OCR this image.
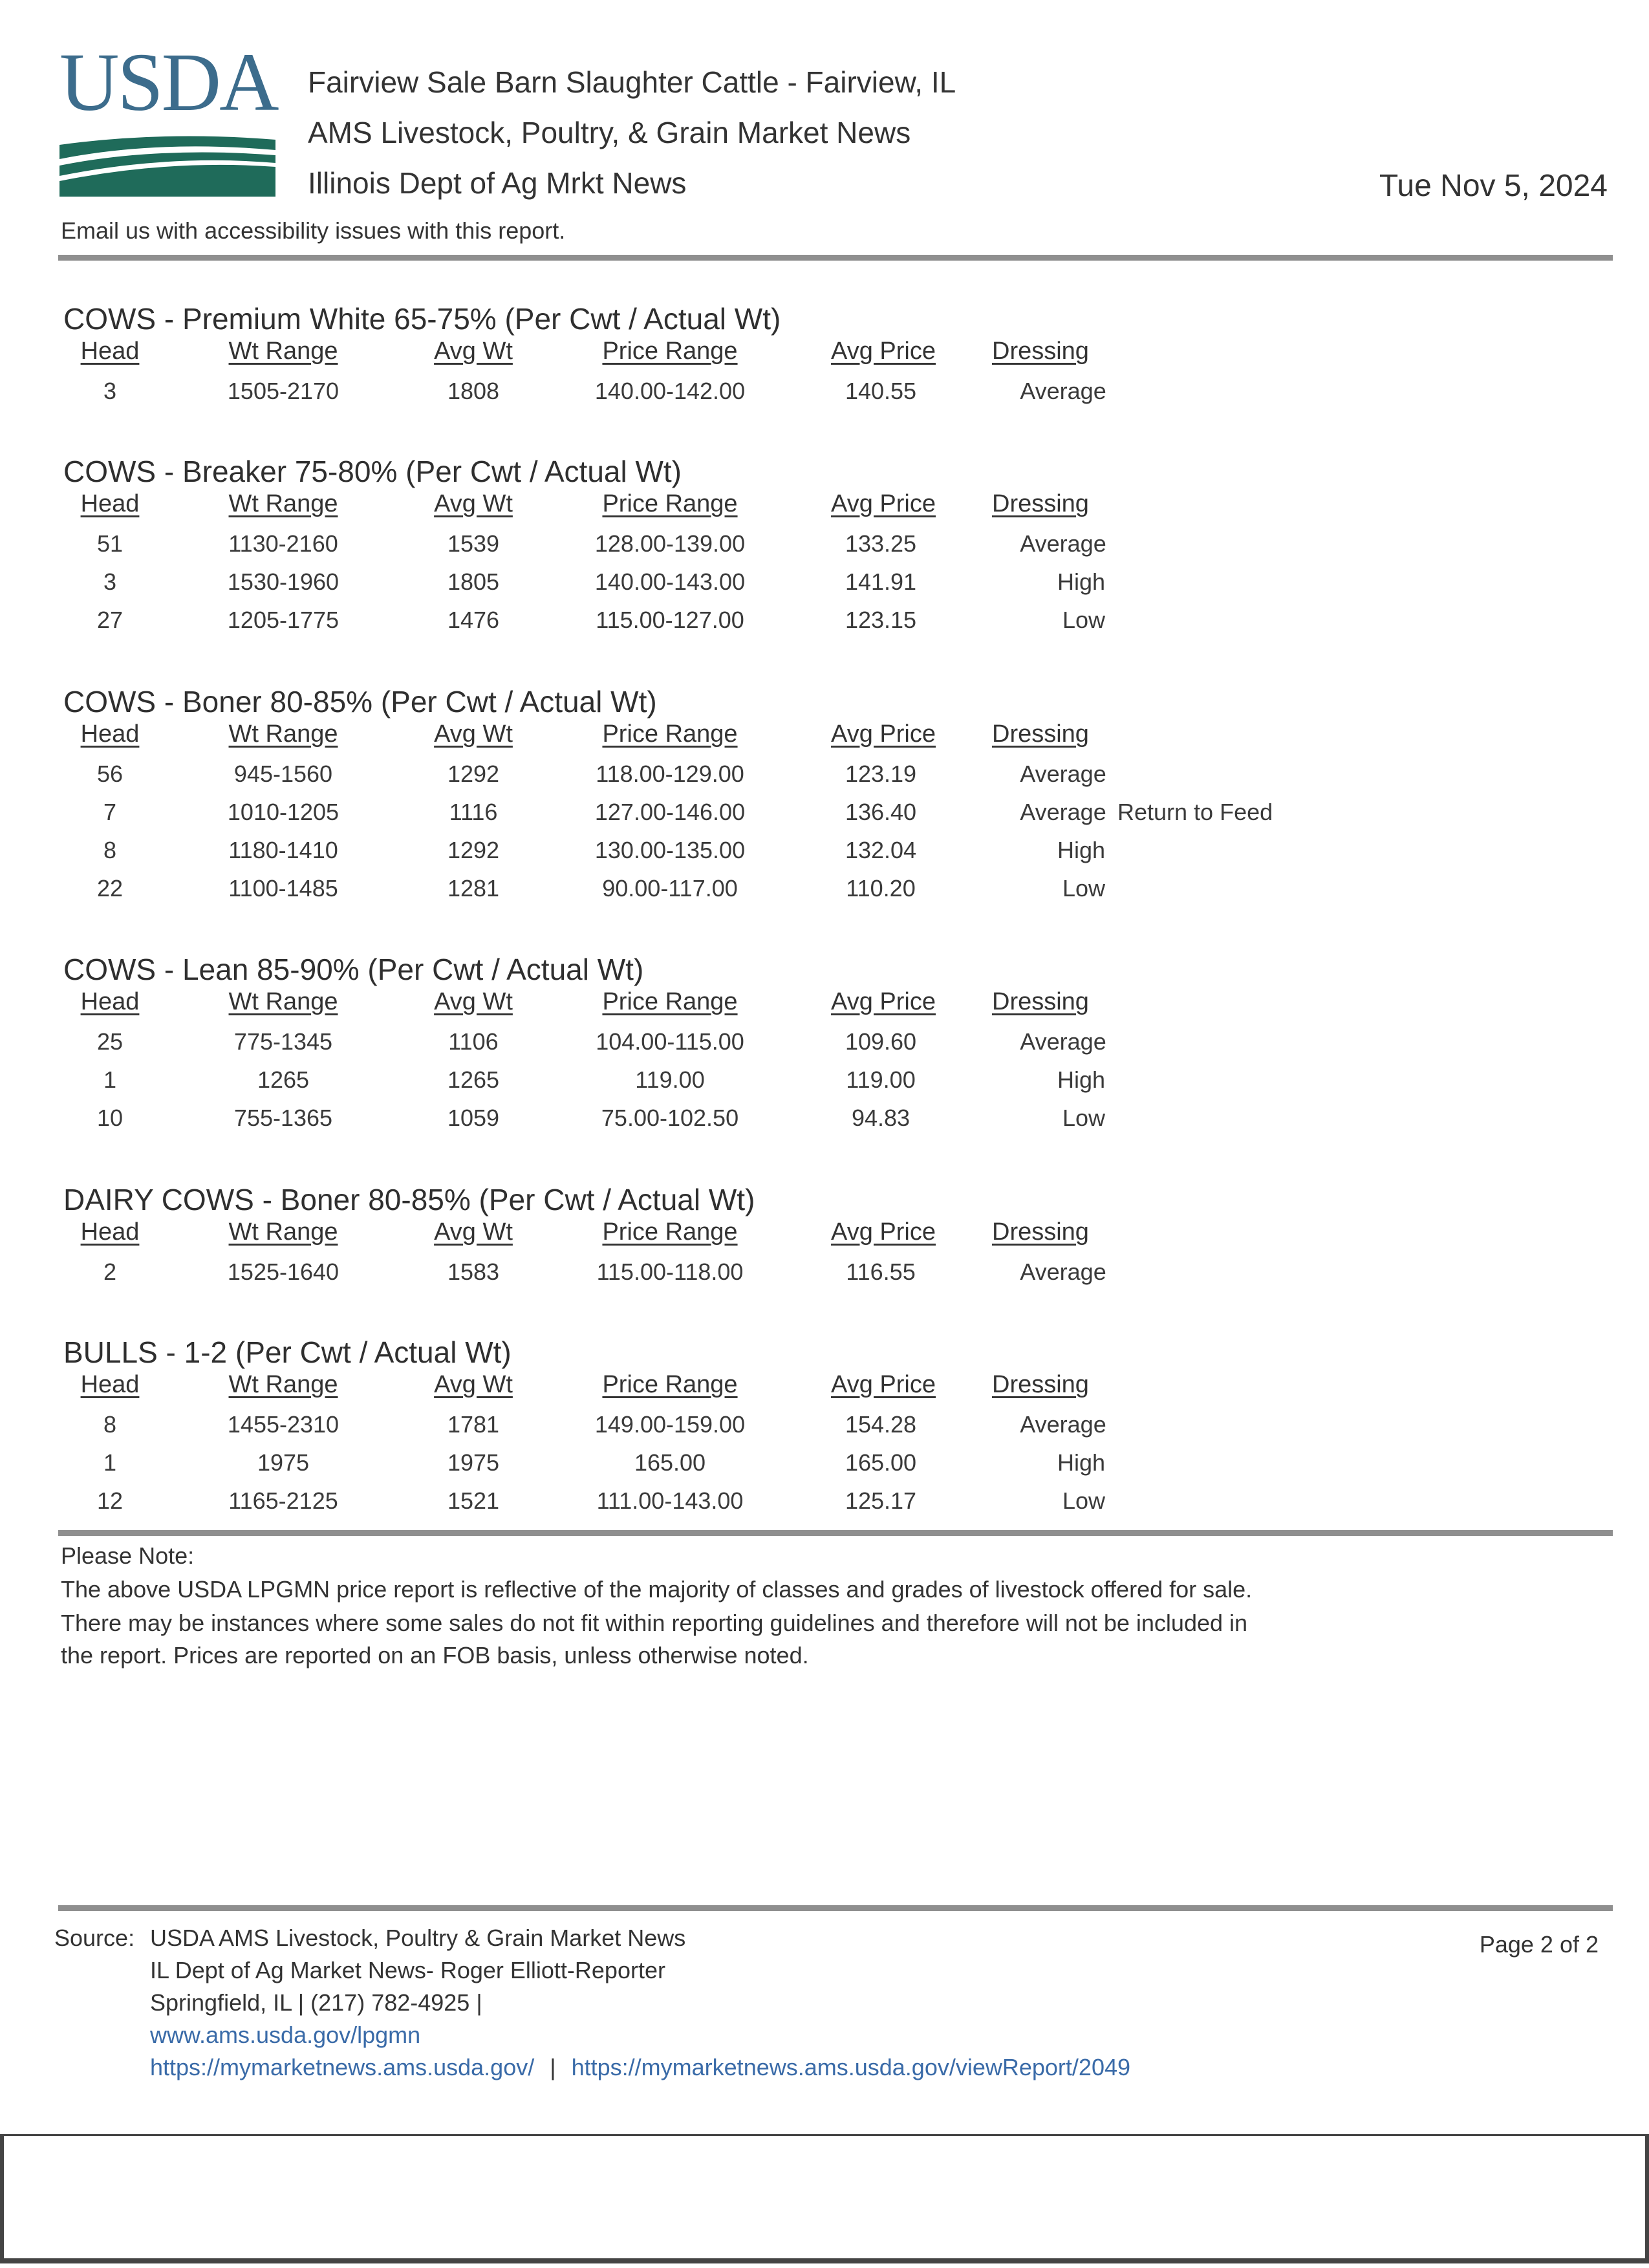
USDA Fairview Sale Barn Slaughter Cattle - Fairview, IL
AMS Livestock, Poultry, & Grain Market News
Illinois Dept of Ag Mrkt News	Tue Nov 5, 2024
Email us with accessibility issues with this report.
COWS - Premium White 65-75% (Per Cwt / Actual Wt)
Head	Wt Range	Avg Wt	Price Range	Avg Price Dressing
3	1505-2170	1808	140.00-142.00	140.55	Average
COWS - Breaker 75-80% (Per Cwt / Actual Wt)
Head	Wt Range	Avg Wt	Price Range	Avg Price Dressing
51	1130-2160	1539	128.00-139.00	133.25	Average
3	1530-1960	1805	140.00-143.00	141.91	High
27	1205-1775	1476	115.00-127.00	123.15	Low
COWS - Boner 80-85% (Per Cwt / Actual Wt)
Head	Wt Range	Avg Wt	Price Range	Avg Price Dressing
56	945-1560	1292	118.00-129.00	123.19	Average
7	1010-1205	1116	127.00-146.00	136.40	Average Return to Feed
8	1180-1410	1292	130.00-135.00	132.04	High
22	1100-1485	1281	90.00-117.00	110.20	Low
COWS - Lean 85-90% (Per Cwt / Actual Wt)
Head	Wt Range	Avg Wt	Price Range	Avg Price Dressing
25	775-1345	1106	104.00-115.00	109.60	Average
1	1265	1265	119.00	119.00	High
10	755-1365	1059	75.00-102.50	94.83	Low
DAIRY COWS - Boner 80-85% (Per Cwt / Actual Wt)
Head	Wt Range	Avg Wt	Price Range	Avg Price Dressing
2	1525-1640	1583	115.00-118.00	116.55	Average
BULLS - 1-2 (Per Cwt / Actual Wt)
Head	Wt Range	Avg Wt	Price Range	Avg Price Dressing
8	1455-2310	1781	149.00-159.00	154.28	Average
1	1975	1975	165.00	165.00	High
12	1165-2125	1521	111.00-143.00	125.17	Low
Please Note:
The above USDA LPGMN price report is reflective of the majority of classes and grades of livestock offered for sale.
There may be instances where some sales do not fit within reporting guidelines and therefore will not be included in
the report. Prices are reported on an FOB basis, unless otherwise noted.
Source: USDA AMS Livestock, Poultry & Grain Market News
IL Dept of Ag Market News- Roger Elliott-Reporter
Springfield, IL | (217) 782-4925 |
www.ams.usda.gov/lpgmn
https://mymarketnews.ams.usda.gov/ | https://mymarketnews.ams.usda.gov/viewReport/2049
Page 2 of 2
